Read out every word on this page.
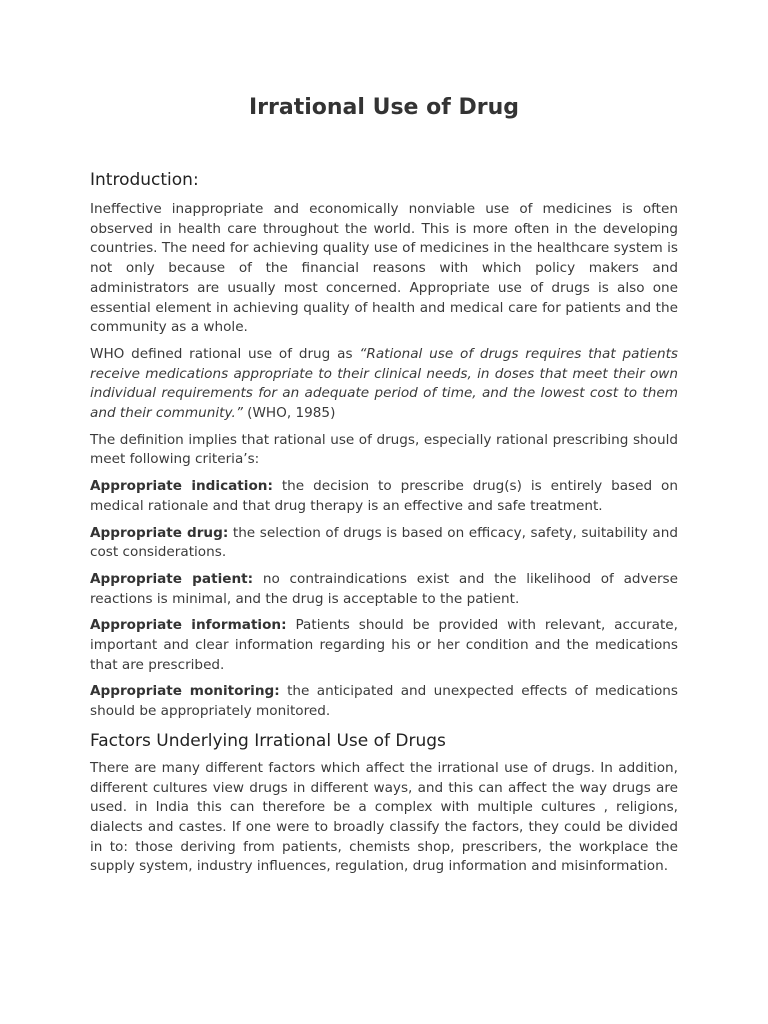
Irrational Use of Drug
Introduction:

Ineffective inappropriate and economically nonviable use of medicines is often observed in health care throughout the world. This is more often in the developing countries. The need for achieving quality use of medicines in the healthcare system is not only because of the financial reasons with which policy makers and administrators are usually most concerned. Appropriate use of drugs is also one essential element in achieving quality of health and medical care for patients and the community as a whole.

WHO defined rational use of drug as “Rational use of drugs requires that patients receive medications appropriate to their clinical needs, in doses that meet their own individual requirements for an adequate period of time, and the lowest cost to them and their community.” (WHO, 1985)

The definition implies that rational use of drugs, especially rational prescribing should meet following criteria’s:

Appropriate indication: the decision to prescribe drug(s) is entirely based on medical rationale and that drug therapy is an effective and safe treatment.

Appropriate drug: the selection of drugs is based on efficacy, safety, suitability and cost considerations.

Appropriate patient: no contraindications exist and the likelihood of adverse reactions is minimal, and the drug is acceptable to the patient.

Appropriate information: Patients should be provided with relevant, accurate, important and clear information regarding his or her condition and the medications that are prescribed.

Appropriate monitoring: the anticipated and unexpected effects of medications should be appropriately monitored.

Factors Underlying Irrational Use of Drugs

There are many different factors which affect the irrational use of drugs. In addition, different cultures view drugs in different ways, and this can affect the way drugs are used. in India this can therefore be a complex with multiple cultures , religions, dialects and castes. If one were to broadly classify the factors, they could be divided in to: those deriving from patients, chemists shop, prescribers, the workplace the supply system, industry influences, regulation, drug information and misinformation.
